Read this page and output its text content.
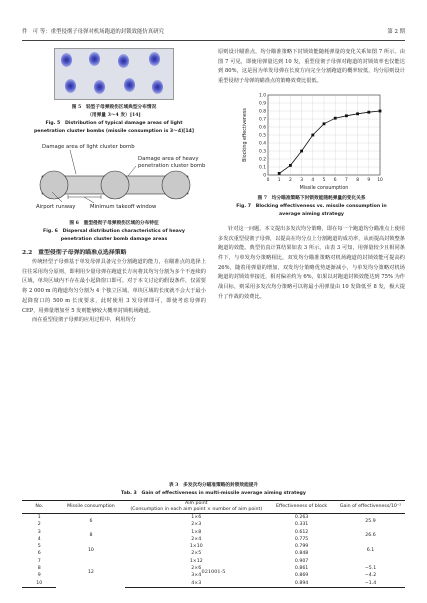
件　可 等：重型侵彻子母弹对机场跑道的封锁效能仿真研究	第 2 期

图 5　轻型子母弹毁伤区域典型分布情况

（用弹量 3～4 发）[14]

Fig. 5　Distribution of typical damage areas of light

penetration cluster bombs (missile consumption is 3～4)[14]

Damage area of light cluster bomb
Damage area of heavy
penetration cluster bomb
Airport runway	Minimum takeoff window

图 6　重型侵彻子母弹毁伤区域的分布特征

Fig. 6　Dispersal distribution characteristics of heavy

penetration cluster bomb damage areas

2.2　重型侵彻子母弹的瞄准点选择策略

传统轻型子母弹基于单发母弹具备完全分割跑道的能力，在瞄准点的选择上往往采用均分原则，即利用少量母弹在跑道长方向将其均匀分割为多个不连续的区域，单块区域内不存在最小起降窗口即可。对于本文讨论的假设条件，仅需要将 2 000 m 的跑道均匀分割为 4 个独立区域，单块区域的长度就不会大于最小起降窗口的 500 m 长度要求，此时使用 3 发母弹即可，即使考虑母弹的 CEP，用弹量增加至 5 发则能够较大概率封锁机场跑道。

而在重型侵彻子母弹的应用过程中，利用均分

原则设计瞄准点，均分瞄准策略下封锁效能随耗弹量的变化关系如图 7 所示。由图 7 可见，即使用弹量达到 10 发，重型侵彻子母弹对跑道的封锁效率也仅能达到 80%，这是因为单发母弹在长度方向完全分割跑道的概率较低，均分原则设计重型侵彻子母弹的瞄准点的策略效费比很低。

0
0.1
0.2
0.3
0.4
0.5
0.6
0.7
0.8
0.9
1.0
0 1 2 3 4 5 6 7 8 9 10
Missile consumption
Blocking effectiveness

图 7　均分瞄准策略下封锁效能随耗弹量的变化关系

Fig. 7　Blocking effectiveness vs. missile consumption in

average aiming strategy

针对这一问题，本文提出多发次均分策略，即在每一个跑道均分瞄准点上使用多发次重型侵彻子母弹，以提高在均分点上分割跑道的成功率，从而提高封锁整条跑道的效能。典型仿真计算结果如表 3 所示。由表 3 可知，用弹量较少且相同条件下，与单发均分策略相比，双发均分瞄准策略对机场跑道的封锁效能可提高约 26%，随着用弹量的增加，双发均分策略优势逐渐减小，与单发均分策略对机场跑道的封锁效率接近，相对偏差约为 6%，如果以对跑道封锁效能达到 75% 为作战目标，则采用多发次均分策略可以将最小用弹量由 10 发降低至 8 发，极大提升了作战的效费比。

表 3　多发次均分瞄准策略的封锁效能提升

Tab. 3　Gain of effectiveness in multi-missile average aiming strategy

No.	Missile consumption	Aim point
(Consumption in each aim point × number of aim point)	Effectiveness of block	Gain of effectiveness/10⁻²
1	6	1×6	0.263	25.9
2		2×3	0.331	
3	8	1×8	0.612	26.6
4		2×4	0.775	
5	10	1×10	0.799	6.1
6		2×5	0.848	
7	12	1×12	0.907	
8		2×6	0.861	−5.1
9		3×4	0.869	−4.2
10		4×3	0.894	−1.4
021001-5
